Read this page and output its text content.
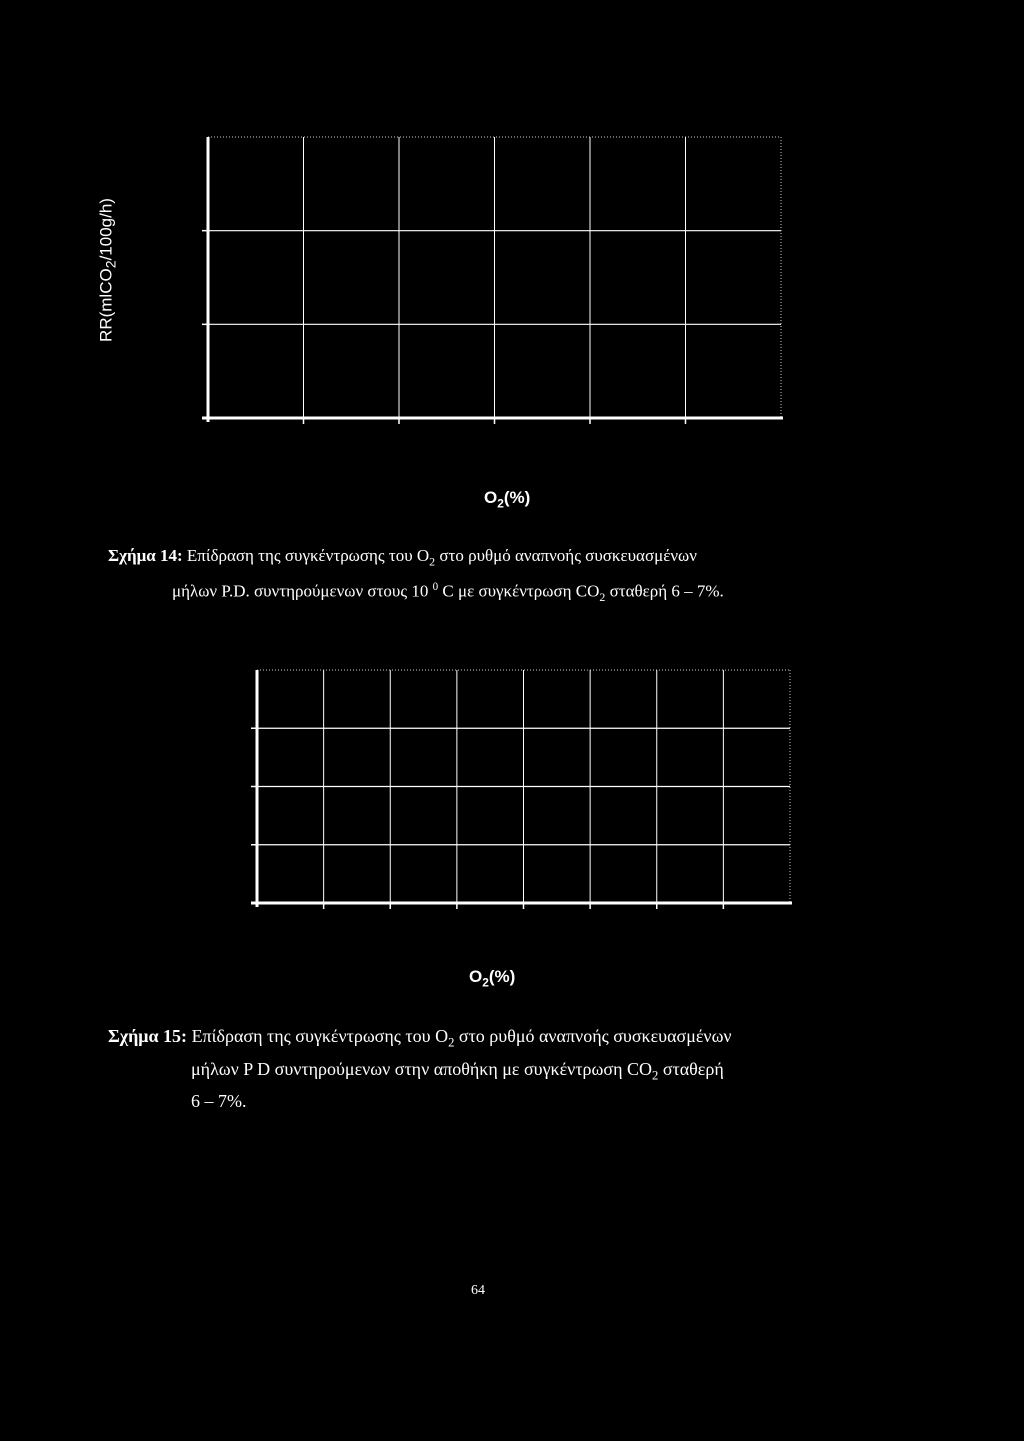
RR(mlCO$_2$/100g/h)
$O_2(\%)$
Σχήμα 14: Επίδραση της συγκέντρωσης του $O_2$ στο ρυθμό αναπνοής συσκευασμένων
μήλων P.D. συντηρούμενων στους 10 $^0$ C με συγκέντρωση $CO_2$ σταθερή 6 – 7%.
$O_2(\%)$
Σχήμα 15: Επίδραση της συγκέντρωσης του $O_2$ στο ρυθμό αναπνοής συσκευασμένων
μήλων P D συντηρούμενων στην αποθήκη με συγκέντρωση $CO_2$ σταθερή
6 – 7%.
64
